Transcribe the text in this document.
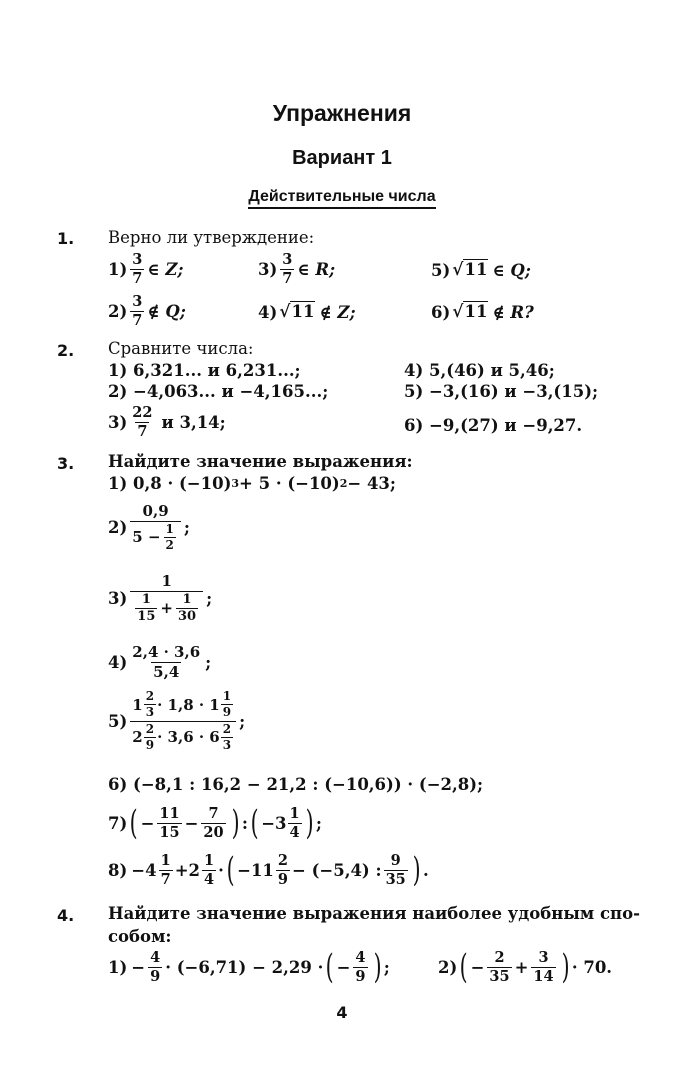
Упражнения
Вариант 1
Действительные числа
1. Верно ли утверждение:
$1) \frac{3}{7}$ ∈ Z;	$3) \frac{3}{7}$ ∈ R;	5) √11 ∈ Q;
$2) \frac{3}{7}$ ∉ Q;	4) √11 ∉ Z;	6) √11 ∉ R?
2. Сравните числа:
1) 6,321... и 6,231...;	4) 5,(46) и 5,46;
2) −4,063... и −4,165...;	5) −3,(16) и −3,(15);
$3) \frac{22}{7}$ и 3,14;	6) −9,(27) и −9,27.
3. Найдите значение выражения:
1) 0,8 · (−10) 3 + 5 · (−10) 2 − 43;
$2) \frac{0,9}{5 - \frac{1}{2}}$ ;
$3) \frac{1}{\frac{1}{15} + \frac{1}{30}}$ ;
$4) \frac{2,4 \cdot 3,6}{5,4}$ ;
$5) \frac{1 \frac{2}{3} \cdot 1,8 \cdot 1 \frac{1}{9}}{2 \frac{2}{9} \cdot 3,6 \cdot 6 \frac{2}{3}}$ ;
6) (−8,1 : 16,2 − 21,2 : (−10,6)) · (−2,8);
7) ( − $\frac{11}{15} - \frac{7}{20}$ ) : ( − $3 \frac{1}{4}$ ) ;
$8) - 4 \frac{1}{7} + 2 \frac{1}{4}$ · ( − $11 \frac{2}{9} - (-5,4)$ : $\frac{9}{35}$ ) .
4. Найдите значение выражения наиболее удобным спо-
собом:
$1) - \frac{4}{9} \cdot (-6,71) - 2,29$ · ( − $\frac{4}{9}$ ) ;	2) ( − $\frac{2}{35} + \frac{3}{14}$ ) · 70.
4
